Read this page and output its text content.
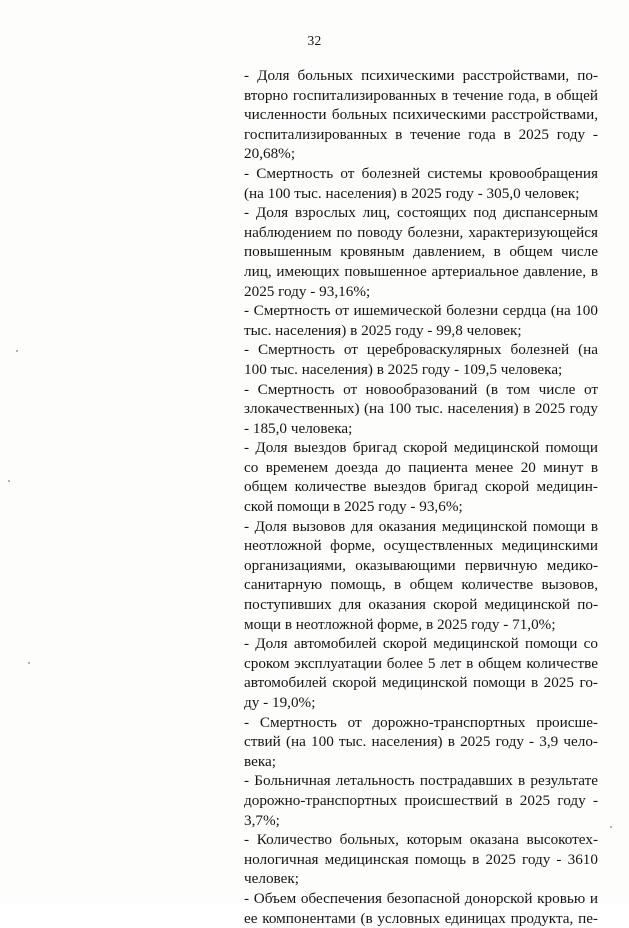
32
- Доля больных психическими расстройствами, по-
вторно госпитализированных в течение года, в общей
численности больных психическими расстройствами,
госпитализированных в течение года в 2025 году -
20,68%;
- Смертность от болезней системы кровообращения
(на 100 тыс. населения) в 2025 году - 305,0 человек;
- Доля взрослых лиц, состоящих под диспансерным
наблюдением по поводу болезни, характеризующейся
повышенным кровяным давлением, в общем числе
лиц, имеющих повышенное артериальное давление, в
2025 году - 93,16%;
- Смертность от ишемической болезни сердца (на 100
тыс. населения) в 2025 году - 99,8 человек;
- Смертность от цереброваскулярных болезней (на
100 тыс. населения) в 2025 году - 109,5 человека;
- Смертность от новообразований (в том числе от
злокачественных) (на 100 тыс. населения) в 2025 году
- 185,0 человека;
- Доля выездов бригад скорой медицинской помощи
со временем доезда до пациента менее 20 минут в
общем количестве выездов бригад скорой медицин-
ской помощи в 2025 году - 93,6%;
- Доля вызовов для оказания медицинской помощи в
неотложной форме, осуществленных медицинскими
организациями, оказывающими первичную медико-
санитарную помощь, в общем количестве вызовов,
поступивших для оказания скорой медицинской по-
мощи в неотложной форме, в 2025 году - 71,0%;
- Доля автомобилей скорой медицинской помощи со
сроком эксплуатации более 5 лет в общем количестве
автомобилей скорой медицинской помощи в 2025 го-
ду - 19,0%;
- Смертность от дорожно-транспортных происше-
ствий (на 100 тыс. населения) в 2025 году - 3,9 чело-
века;
- Больничная летальность пострадавших в результате
дорожно-транспортных происшествий в 2025 году -
3,7%;
- Количество больных, которым оказана высокотех-
нологичная медицинская помощь в 2025 году - 3610
человек;
- Объем обеспечения безопасной донорской кровью и
ее компонентами (в условных единицах продукта, пе-
